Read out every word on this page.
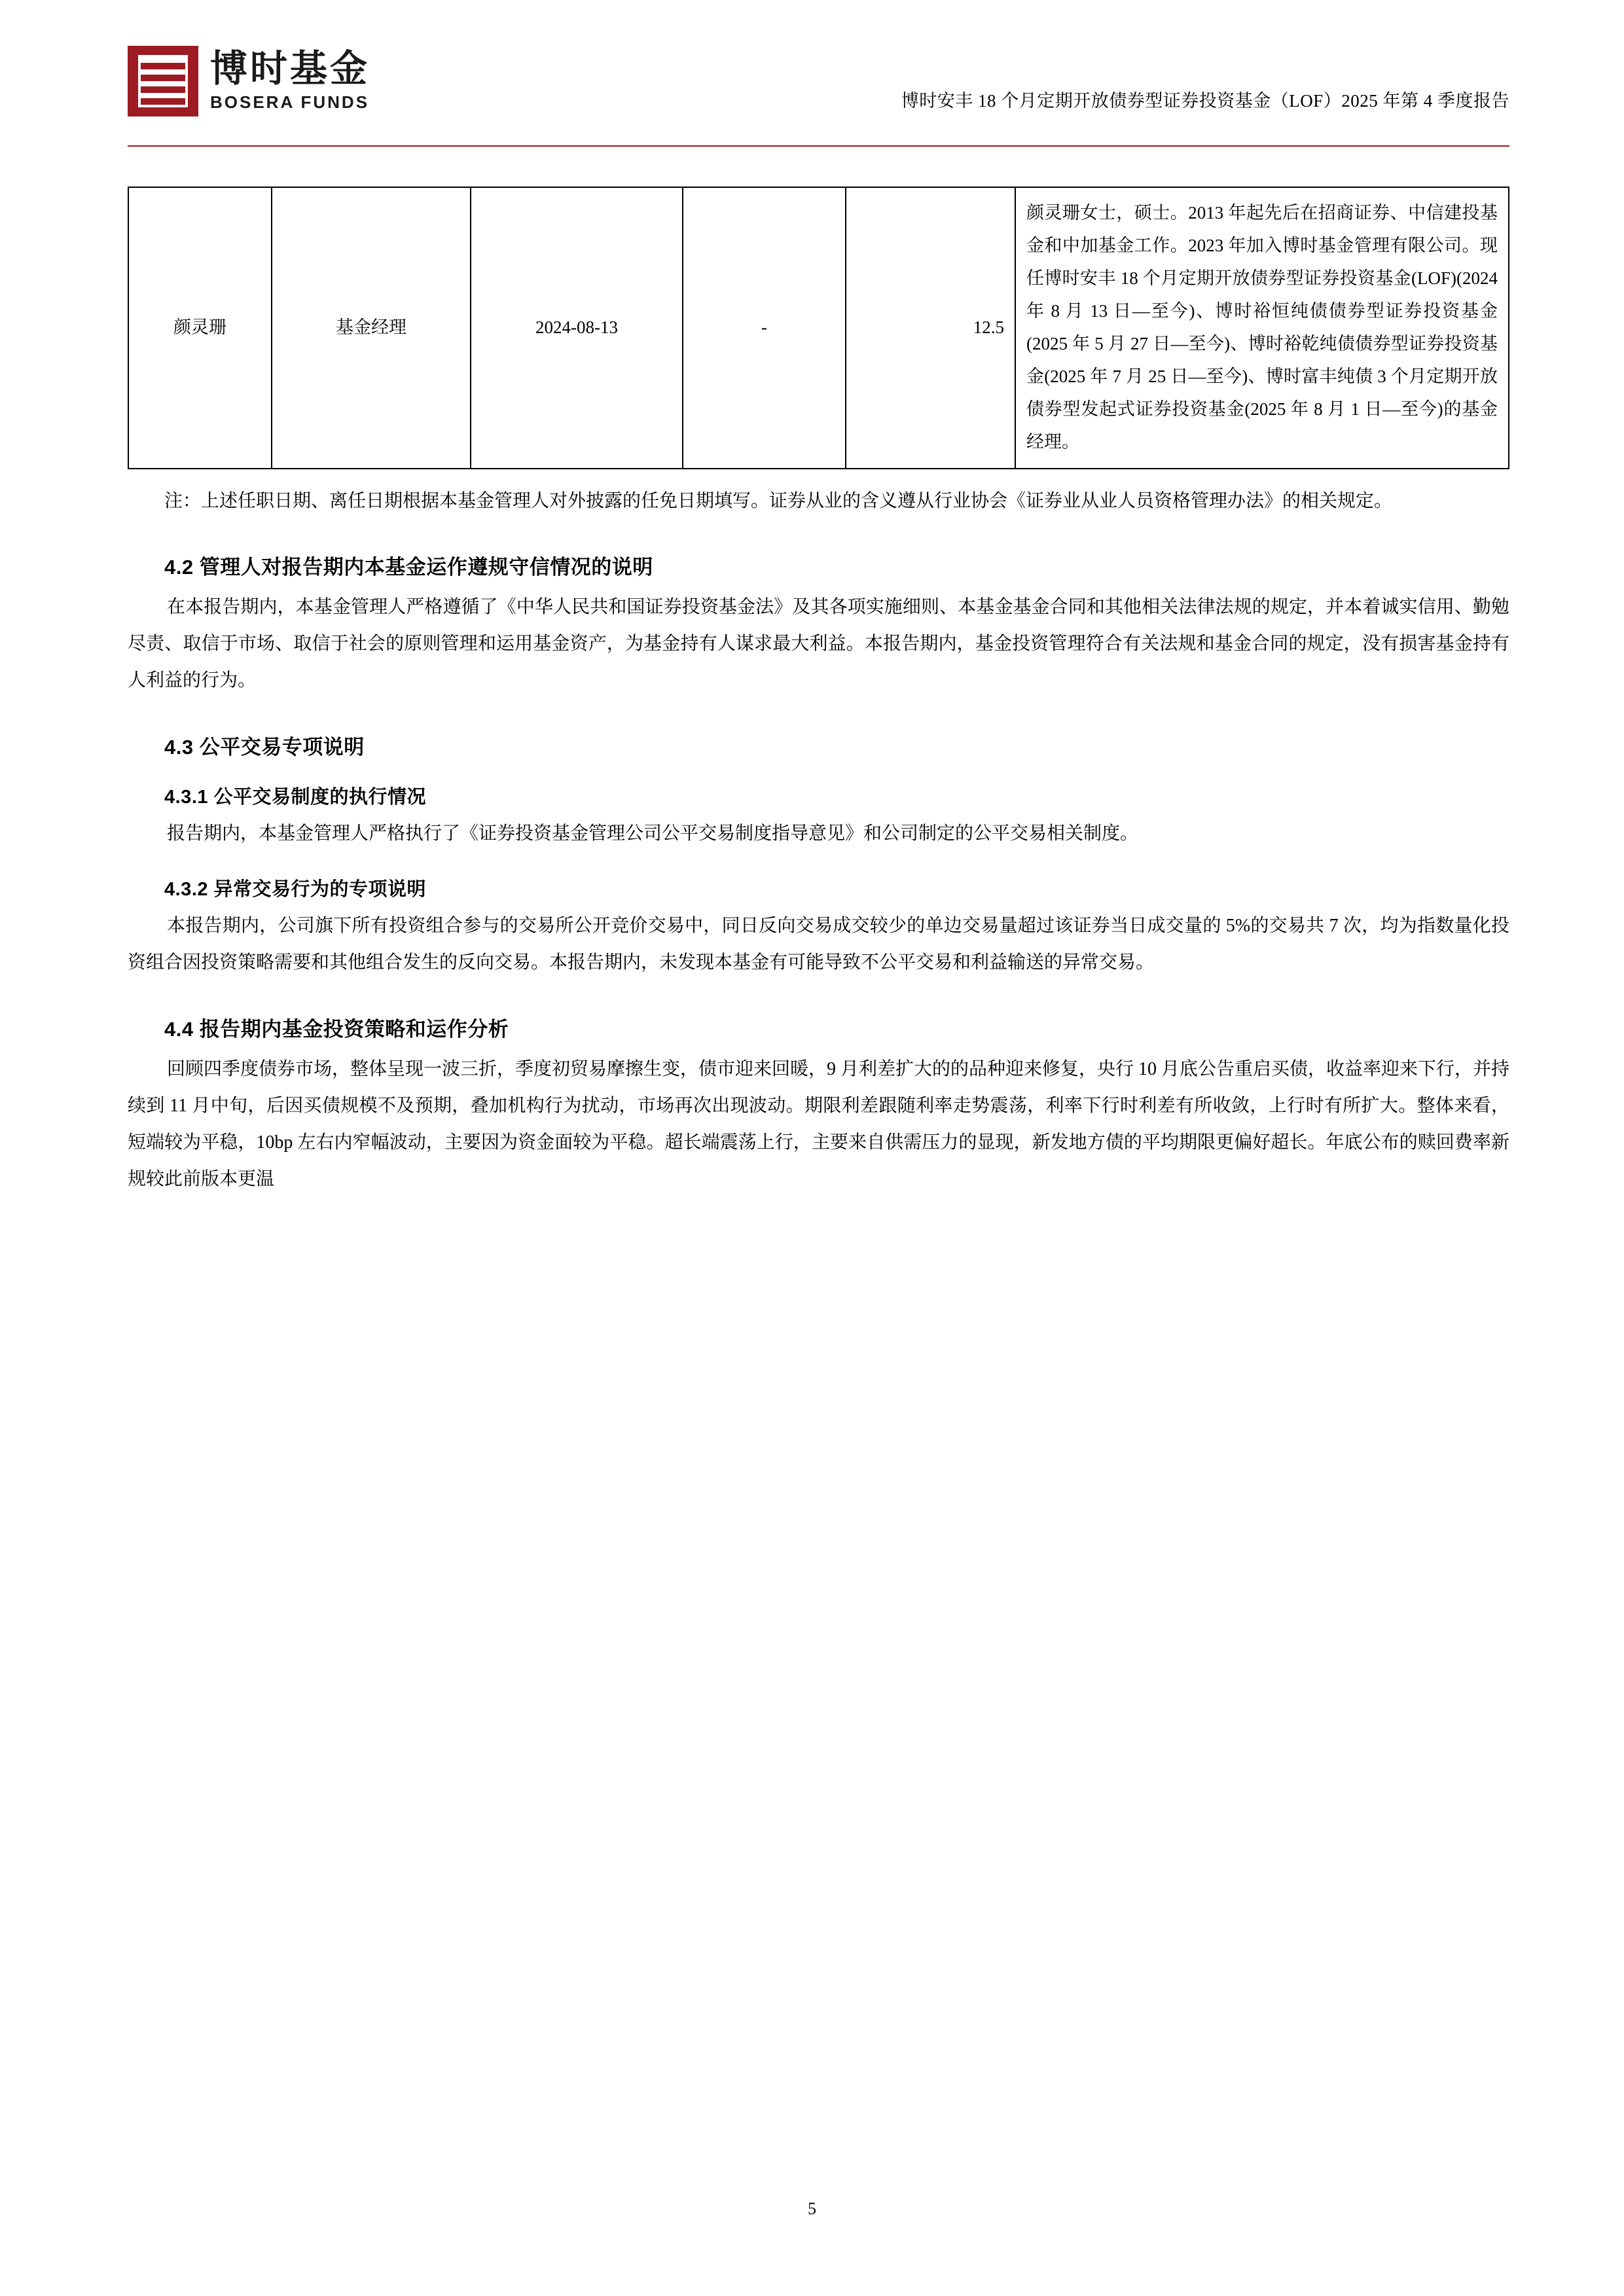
博时基金
BOSERA FUNDS	博时安丰 18 个月定期开放债券型证券投资基金（LOF）2025 年第 4 季度报告
颜灵珊	基金经理	2024-08-13	-	12.5	颜灵珊女士，硕士。2013 年起先后在招商证券、中信建投基金和中加基金工作。2023 年加入博时基金管理有限公司。现任博时安丰 18 个月定期开放债券型证券投资基金(LOF)(2024 年 8 月 13 日—至今)、博时裕恒纯债债券型证券投资基金(2025 年 5 月 27 日—至今)、博时裕乾纯债债券型证券投资基金(2025 年 7 月 25 日—至今)、博时富丰纯债 3 个月定期开放债券型发起式证券投资基金(2025 年 8 月 1 日—至今)的基金经理。
注：上述任职日期、离任日期根据本基金管理人对外披露的任免日期填写。证券从业的含义遵从行业协会《证券业从业人员资格管理办法》的相关规定。
4.2 管理人对报告期内本基金运作遵规守信情况的说明

在本报告期内，本基金管理人严格遵循了《中华人民共和国证券投资基金法》及其各项实施细则、本基金基金合同和其他相关法律法规的规定，并本着诚实信用、勤勉尽责、取信于市场、取信于社会的原则管理和运用基金资产，为基金持有人谋求最大利益。本报告期内，基金投资管理符合有关法规和基金合同的规定，没有损害基金持有人利益的行为。

4.3 公平交易专项说明
4.3.1 公平交易制度的执行情况

报告期内，本基金管理人严格执行了《证券投资基金管理公司公平交易制度指导意见》和公司制定的公平交易相关制度。

4.3.2 异常交易行为的专项说明

本报告期内，公司旗下所有投资组合参与的交易所公开竞价交易中，同日反向交易成交较少的单边交易量超过该证券当日成交量的 5%的交易共 7 次，均为指数量化投资组合因投资策略需要和其他组合发生的反向交易。本报告期内，未发现本基金有可能导致不公平交易和利益输送的异常交易。

4.4 报告期内基金投资策略和运作分析

回顾四季度债券市场，整体呈现一波三折，季度初贸易摩擦生变，债市迎来回暖，9 月利差扩大的的品种迎来修复，央行 10 月底公告重启买债，收益率迎来下行，并持续到 11 月中旬，后因买债规模不及预期，叠加机构行为扰动，市场再次出现波动。期限利差跟随利率走势震荡，利率下行时利差有所收敛，上行时有所扩大。整体来看，短端较为平稳，10bp 左右内窄幅波动，主要因为资金面较为平稳。超长端震荡上行，主要来自供需压力的显现，新发地方债的平均期限更偏好超长。年底公布的赎回费率新规较此前版本更温

5
